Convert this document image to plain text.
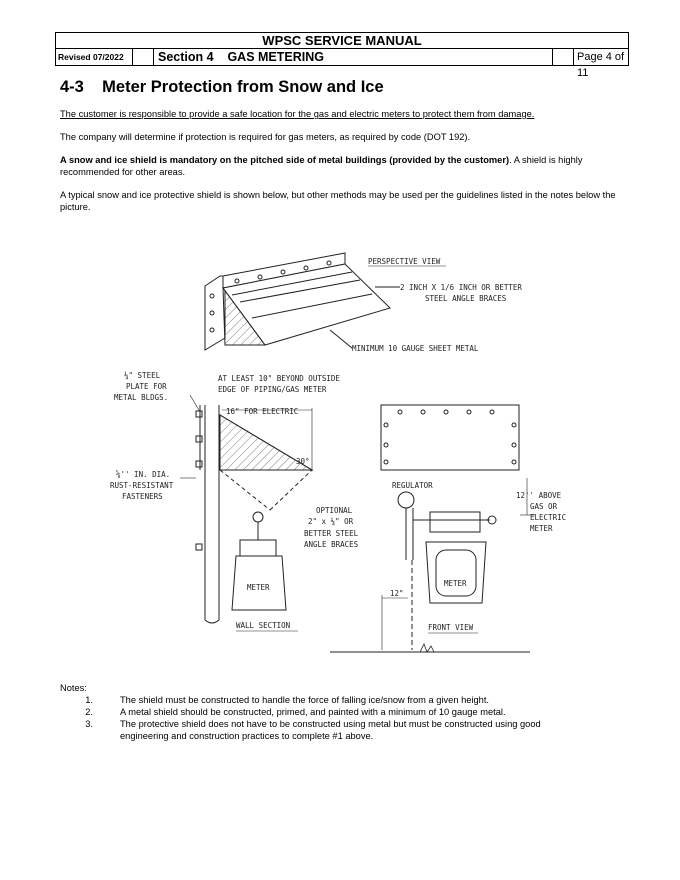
WPSC SERVICE MANUAL
Revised 07/2022	Section 4    GAS METERING	Page 4 of 11
4-3    Meter Protection from Snow and Ice

The customer is responsible to provide a safe location for the gas and electric meters to protect them from damage.

The company will determine if protection is required for gas meters, as required by code (DOT 192).

A snow and ice shield is mandatory on the pitched side of metal buildings (provided by the customer). A shield is highly recommended for other areas.

A typical snow and ice protective shield is shown below, but other methods may be used per the guidelines listed in the notes below the picture.

PERSPECTIVE VIEW
2 INCH X 1/6 INCH OR BETTER
STEEL ANGLE BRACES
MINIMUM 10 GAUGE SHEET METAL
¼" STEEL
PLATE FOR
METAL BLDGS.
AT LEAST 10" BEYOND OUTSIDE
EDGE OF PIPING/GAS METER
16" FOR ELECTRIC
30°
⅝'' IN. DIA.
RUST-RESISTANT
FASTENERS
OPTIONAL
2" x ¼" OR
BETTER STEEL
ANGLE BRACES
METER
WALL SECTION
REGULATOR
12'' ABOVE
GAS OR
ELECTRIC
METER
METER
12"
FRONT VIEW
Notes:
1.	The shield must be constructed to handle the force of falling ice/snow from a given height.
2.	A metal shield should be constructed, primed, and painted with a minimum of 10 gauge metal.
3.	The protective shield does not have to be constructed using metal but must be constructed using good engineering and construction practices to complete #1 above.
